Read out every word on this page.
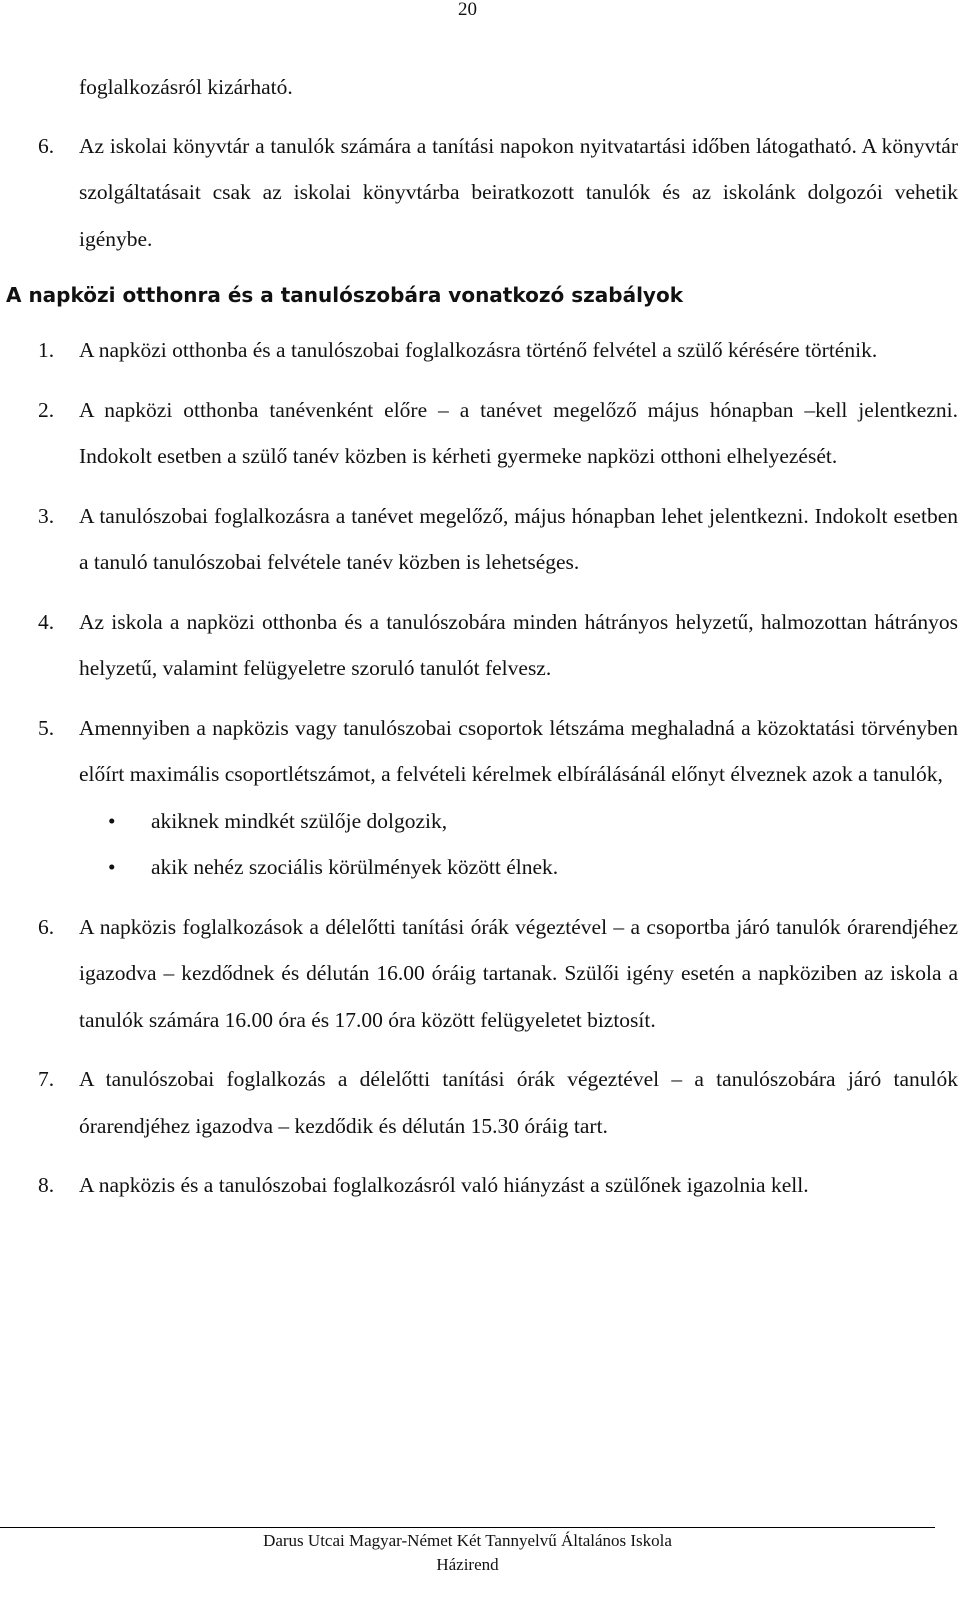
20
foglalkozásról kizárható.
6. Az iskolai könyvtár a tanulók számára a tanítási napokon nyitvatartási időben látogatható. A könyvtár szolgáltatásait csak az iskolai könyvtárba beiratkozott tanulók és az iskolánk dolgozói vehetik igénybe.
A napközi otthonra és a tanulószobára vonatkozó szabályok
1. A napközi otthonba és a tanulószobai foglalkozásra történő felvétel a szülő kérésére történik.
2. A napközi otthonba tanévenként előre – a tanévet megelőző május hónapban –kell jelentkezni. Indokolt esetben a szülő tanév közben is kérheti gyermeke napközi otthoni elhelyezését.
3. A tanulószobai foglalkozásra a tanévet megelőző, május hónapban lehet jelentkezni. Indokolt esetben a tanuló tanulószobai felvétele tanév közben is lehetséges.
4. Az iskola a napközi otthonba és a tanulószobára minden hátrányos helyzetű, halmozottan hátrányos helyzetű, valamint felügyeletre szoruló tanulót felvesz.
5. Amennyiben a napközis vagy tanulószobai csoportok létszáma meghaladná a közoktatási törvényben előírt maximális csoportlétszámot, a felvételi kérelmek elbírálásánál előnyt élveznek azok a tanulók,
• akiknek mindkét szülője dolgozik,
• akik nehéz szociális körülmények között élnek.
6. A napközis foglalkozások a délelőtti tanítási órák végeztével – a csoportba járó tanulók órarendjéhez igazodva – kezdődnek és délután 16.00 óráig tartanak. Szülői igény esetén a napköziben az iskola a tanulók számára 16.00 óra és 17.00 óra között felügyeletet biztosít.
7. A tanulószobai foglalkozás a délelőtti tanítási órák végeztével – a tanulószobára járó tanulók órarendjéhez igazodva – kezdődik és délután 15.30 óráig tart.
8. A napközis és a tanulószobai foglalkozásról való hiányzást a szülőnek igazolnia kell.
Darus Utcai Magyar-Német Két Tannyelvű Általános Iskola
Házirend
